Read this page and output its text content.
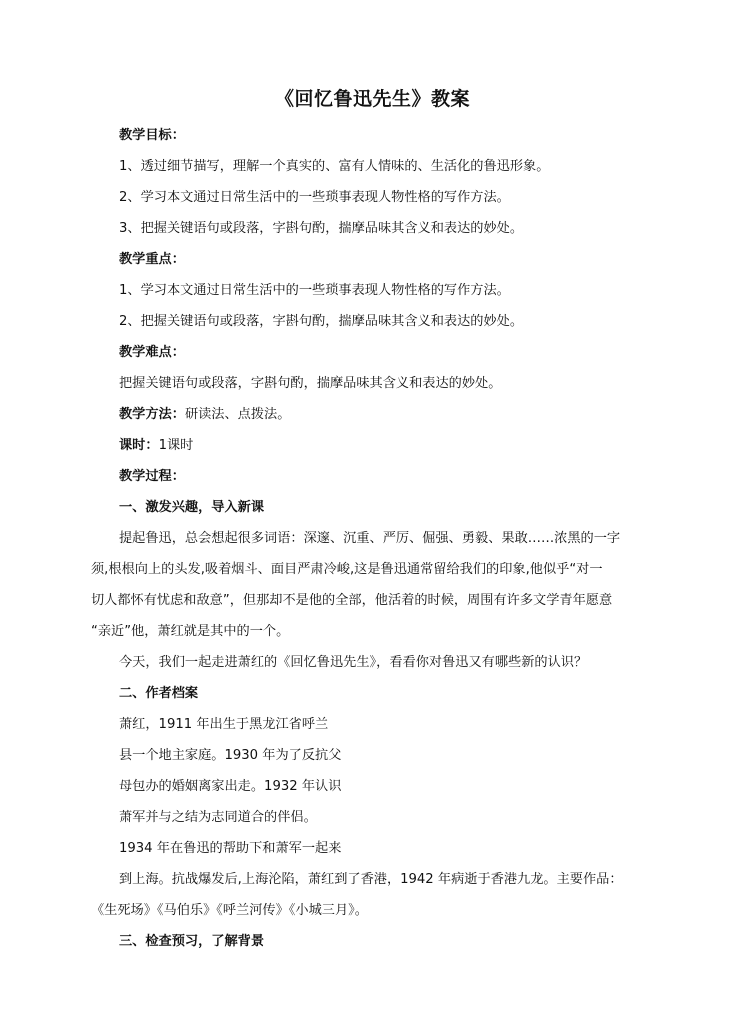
《回忆鲁迅先生》教案
教学目标：
1、透过细节描写，理解一个真实的、富有人情味的、生活化的鲁迅形象。
2、学习本文通过日常生活中的一些琐事表现人物性格的写作方法。
3、把握关键语句或段落，字斟句酌，揣摩品味其含义和表达的妙处。
教学重点：
1、学习本文通过日常生活中的一些琐事表现人物性格的写作方法。
2、把握关键语句或段落，字斟句酌，揣摩品味其含义和表达的妙处。
教学难点：
把握关键语句或段落，字斟句酌，揣摩品味其含义和表达的妙处。
教学方法：研读法、点拨法。
课时：1课时
教学过程：
一、激发兴趣，导入新课
提起鲁迅，总会想起很多词语：深邃、沉重、严厉、倔强、勇毅、果敢……浓黑的一字
须,根根向上的头发,吸着烟斗、面目严肃冷峻,这是鲁迅通常留给我们的印象,他似乎“对一
切人都怀有忧虑和敌意”，但那却不是他的全部，他活着的时候，周围有许多文学青年愿意
“亲近”他，萧红就是其中的一个。
今天，我们一起走进萧红的《回忆鲁迅先生》，看看你对鲁迅又有哪些新的认识？
二、作者档案
萧红，1911 年出生于黑龙江省呼兰
县一个地主家庭。1930 年为了反抗父
母包办的婚姻离家出走。1932 年认识
萧军并与之结为志同道合的伴侣。
1934 年在鲁迅的帮助下和萧军一起来
到上海。抗战爆发后,上海沦陷，萧红到了香港，1942 年病逝于香港九龙。主要作品：
《生死场》《马伯乐》《呼兰河传》《小城三月》。
三、检查预习，了解背景
